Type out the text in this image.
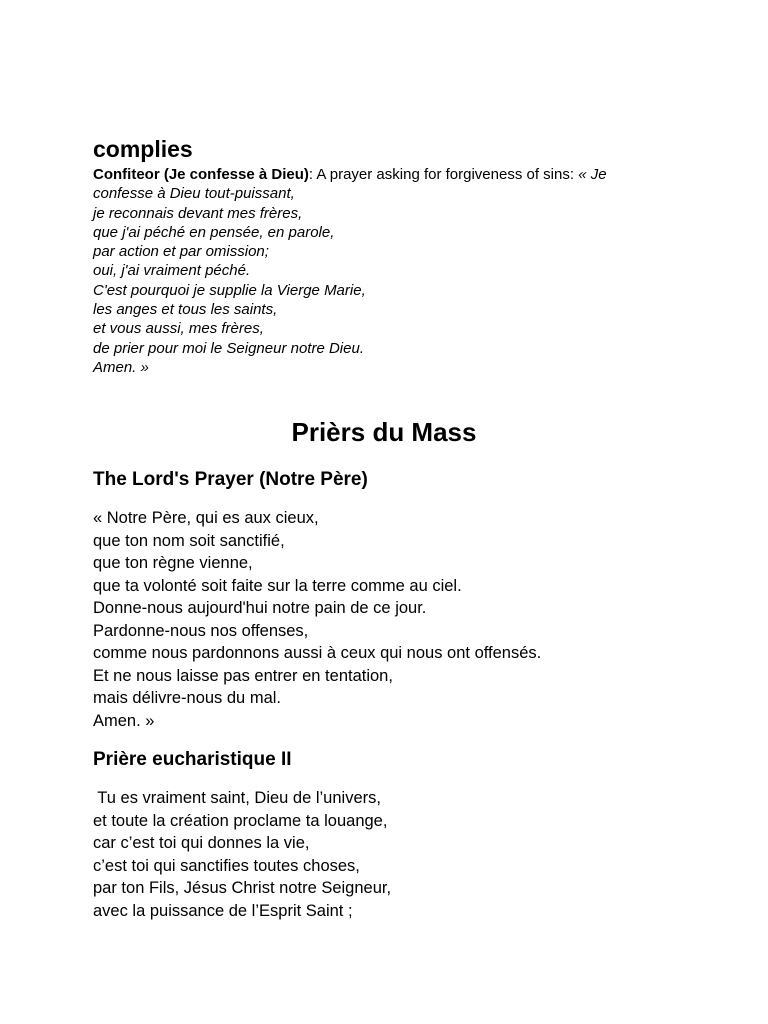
complies
Confiteor (Je confesse à Dieu): A prayer asking for forgiveness of sins: « Je
confesse à Dieu tout-puissant,
je reconnais devant mes frères,
que j'ai péché en pensée, en parole,
par action et par omission;
oui, j'ai vraiment péché.
C'est pourquoi je supplie la Vierge Marie,
les anges et tous les saints,
et vous aussi, mes frères,
de prier pour moi le Seigneur notre Dieu.
Amen. »
Prièrs du Mass
The Lord's Prayer (Notre Père)
« Notre Père, qui es aux cieux,
que ton nom soit sanctifié,
que ton règne vienne,
que ta volonté soit faite sur la terre comme au ciel.
Donne-nous aujourd'hui notre pain de ce jour.
Pardonne-nous nos offenses,
comme nous pardonnons aussi à ceux qui nous ont offensés.
Et ne nous laisse pas entrer en tentation,
mais délivre-nous du mal.
Amen. »
Prière eucharistique II
Tu es vraiment saint, Dieu de l’univers,
et toute la création proclame ta louange,
car c’est toi qui donnes la vie,
c’est toi qui sanctifies toutes choses,
par ton Fils, Jésus Christ notre Seigneur,
avec la puissance de l’Esprit Saint ;
